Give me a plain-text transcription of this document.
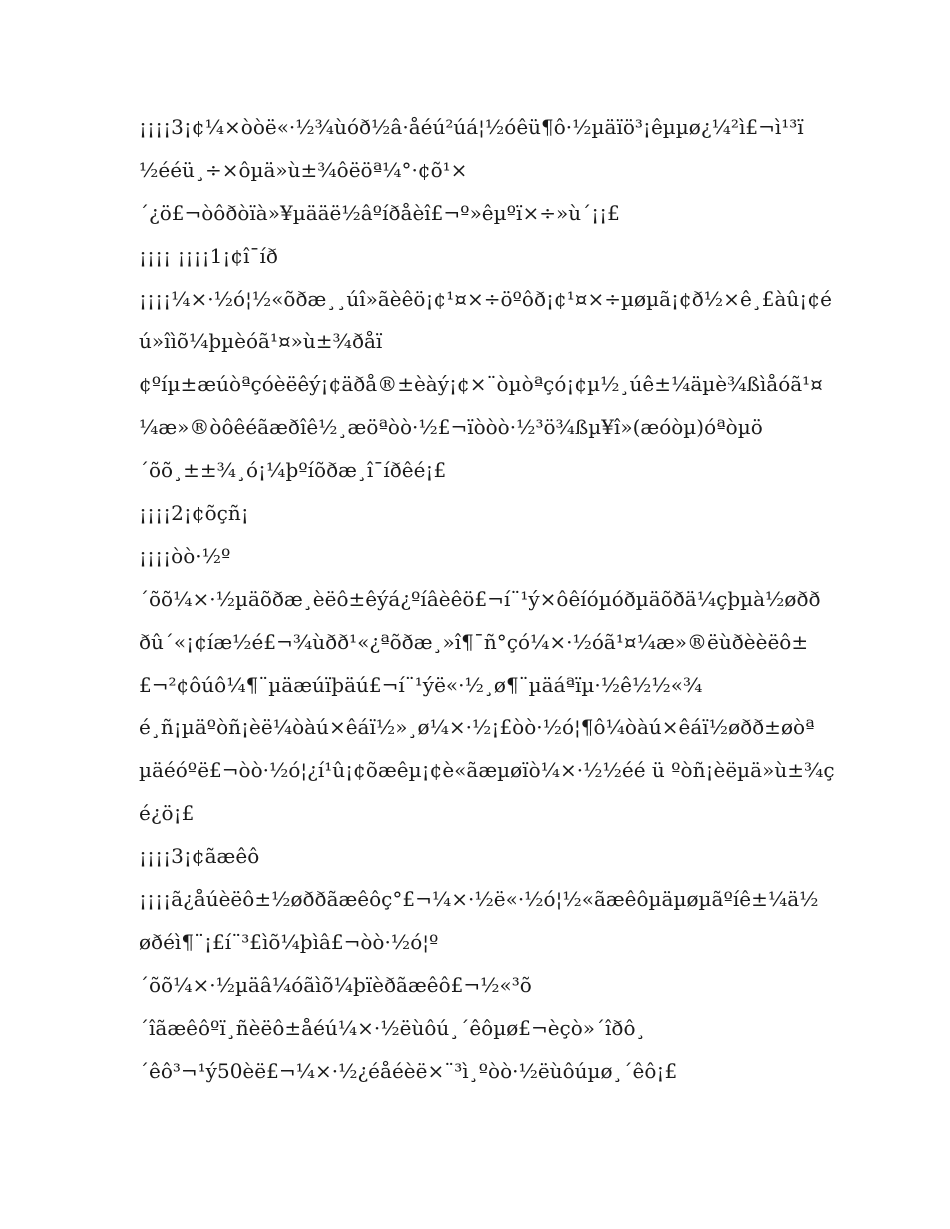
¡¡¡¡3¡¢¼×òòë«·½¾ùóð½â·åéú²úá¦½óêü¶ô·½µäïö³¡êµµø¿¼²ì£¬ì¹³ï
½ééü¸÷×ôµä»ù±¾ôëöª¼°·¢õ¹×
´¿ö£¬òôðòïà»¥µääë½âºíðåèî£¬º»êµºï×÷»ù´¡¡£
¡¡¡¡ ¡¡¡¡1¡¢î¯íð
¡¡¡¡¼×·½ó¦½«õðæ¸¸úî»ãèêö¡¢¹¤×÷öºôð¡¢¹¤×÷µøµã¡¢ð½×ê¸£àû¡¢é
ú»îìõ¼þµèóã¹¤»ù±¾ðåï
¢ºíµ±æúòªçóèëêý¡¢äðå®±èàý¡¢×¨òµòªçó¡¢µ½¸úê±¼äµè¾ßìåóã¹¤
¼æ»®òôêéãæðîê½¸æöªòò·½£¬ïòòò·½³ö¾ßµ¥î»(æóòµ)óªòµö
´õõ¸±±¾¸ó¡¼þºíõðæ¸î¯íðêé¡£
¡¡¡¡2¡¢õçñ¡
¡¡¡¡òò·½º
´õõ¼×·½µäõðæ¸èëô±êýá¿ºíâèêö£¬í¨¹ý×ôêíóµóðµäõðä¼çþµà½øðð
ðû´«¡¢íæ½é£¬¾ùðð¹«¿ªõðæ¸»î¶¯ñ°çó¼×·½óã¹¤¼æ»®ëùðèèëô±
£¬²¢ôúô¼¶¨µäæúïþäú£¬í¨¹ýë«·½¸ø¶¨µäáªïµ·½ê½½«¾
é¸ñ¡µäºòñ¡èë¼òàú×êáï½»¸ø¼×·½¡£òò·½ó¦¶ô¼òàú×êáï½øðð±øòª
µäéóºë£¬òò·½ó¦¿í¹û¡¢õæêµ¡¢è«ãæµøïò¼×·½½éé ü ºòñ¡èëµä»ù±¾ç
é¿ö¡£
¡¡¡¡3¡¢ãæêô
¡¡¡¡ã¿åúèëô±½øððãæêôç°£¬¼×·½ë«·½ó¦½«ãæêôµäµøµãºíê±¼ä½
øðéì¶¨¡£í¨³£ìõ¼þìâ£¬òò·½ó¦º
´õõ¼×·½µäâ¼óãìõ¼þïèðãæêô£¬½«³õ
´îãæêôºï¸ñèëô±åéú¼×·½ëùôú¸´êôµø£¬èçò»´îðô¸
´êô³¬¹ý50èë£¬¼×·½¿éåéèë×¨³ì¸ºòò·½ëùôúµø¸´êô¡£
